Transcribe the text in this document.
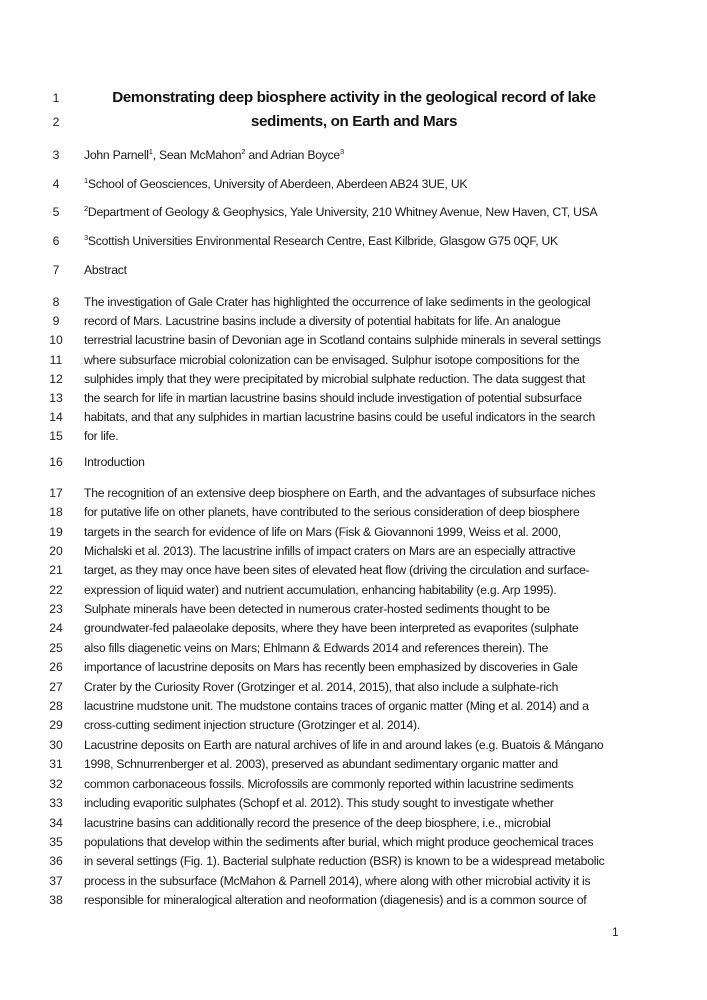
1	Demonstrating deep biosphere activity in the geological record of lake
2	sediments, on Earth and Mars
3	John Parnell$^1$, Sean McMahon$^2$ and Adrian Boyce$^3$
4	$^1$School of Geosciences, University of Aberdeen, Aberdeen AB24 3UE, UK
5	$^2$Department of Geology & Geophysics, Yale University, 210 Whitney Avenue, New Haven, CT, USA
6	$^3$Scottish Universities Environmental Research Centre, East Kilbride, Glasgow G75 0QF, UK
7	Abstract
8	The investigation of Gale Crater has highlighted the occurrence of lake sediments in the geological
9	record of Mars. Lacustrine basins include a diversity of potential habitats for life. An analogue
10	terrestrial lacustrine basin of Devonian age in Scotland contains sulphide minerals in several settings
11	where subsurface microbial colonization can be envisaged. Sulphur isotope compositions for the
12	sulphides imply that they were precipitated by microbial sulphate reduction. The data suggest that
13	the search for life in martian lacustrine basins should include investigation of potential subsurface
14	habitats, and that any sulphides in martian lacustrine basins could be useful indicators in the search
15	for life.
16	Introduction
17	The recognition of an extensive deep biosphere on Earth, and the advantages of subsurface niches
18	for putative life on other planets, have contributed to the serious consideration of deep biosphere
19	targets in the search for evidence of life on Mars (Fisk & Giovannoni 1999, Weiss et al. 2000,
20	Michalski et al. 2013). The lacustrine infills of impact craters on Mars are an especially attractive
21	target, as they may once have been sites of elevated heat flow (driving the circulation and surface-
22	expression of liquid water) and nutrient accumulation, enhancing habitability (e.g. Arp 1995).
23	Sulphate minerals have been detected in numerous crater-hosted sediments thought to be
24	groundwater-fed palaeolake deposits, where they have been interpreted as evaporites (sulphate
25	also fills diagenetic veins on Mars; Ehlmann & Edwards 2014 and references therein). The
26	importance of lacustrine deposits on Mars has recently been emphasized by discoveries in Gale
27	Crater by the Curiosity Rover (Grotzinger et al. 2014, 2015), that also include a sulphate-rich
28	lacustrine mudstone unit. The mudstone contains traces of organic matter (Ming et al. 2014) and a
29	cross-cutting sediment injection structure (Grotzinger et al. 2014).
30	Lacustrine deposits on Earth are natural archives of life in and around lakes (e.g. Buatois & Mángano
31	1998, Schnurrenberger et al. 2003), preserved as abundant sedimentary organic matter and
32	common carbonaceous fossils. Microfossils are commonly reported within lacustrine sediments
33	including evaporitic sulphates (Schopf et al. 2012). This study sought to investigate whether
34	lacustrine basins can additionally record the presence of the deep biosphere, i.e., microbial
35	populations that develop within the sediments after burial, which might produce geochemical traces
36	in several settings (Fig. 1). Bacterial sulphate reduction (BSR) is known to be a widespread metabolic
37	process in the subsurface (McMahon & Parnell 2014), where along with other microbial activity it is
38	responsible for mineralogical alteration and neoformation (diagenesis) and is a common source of
1
